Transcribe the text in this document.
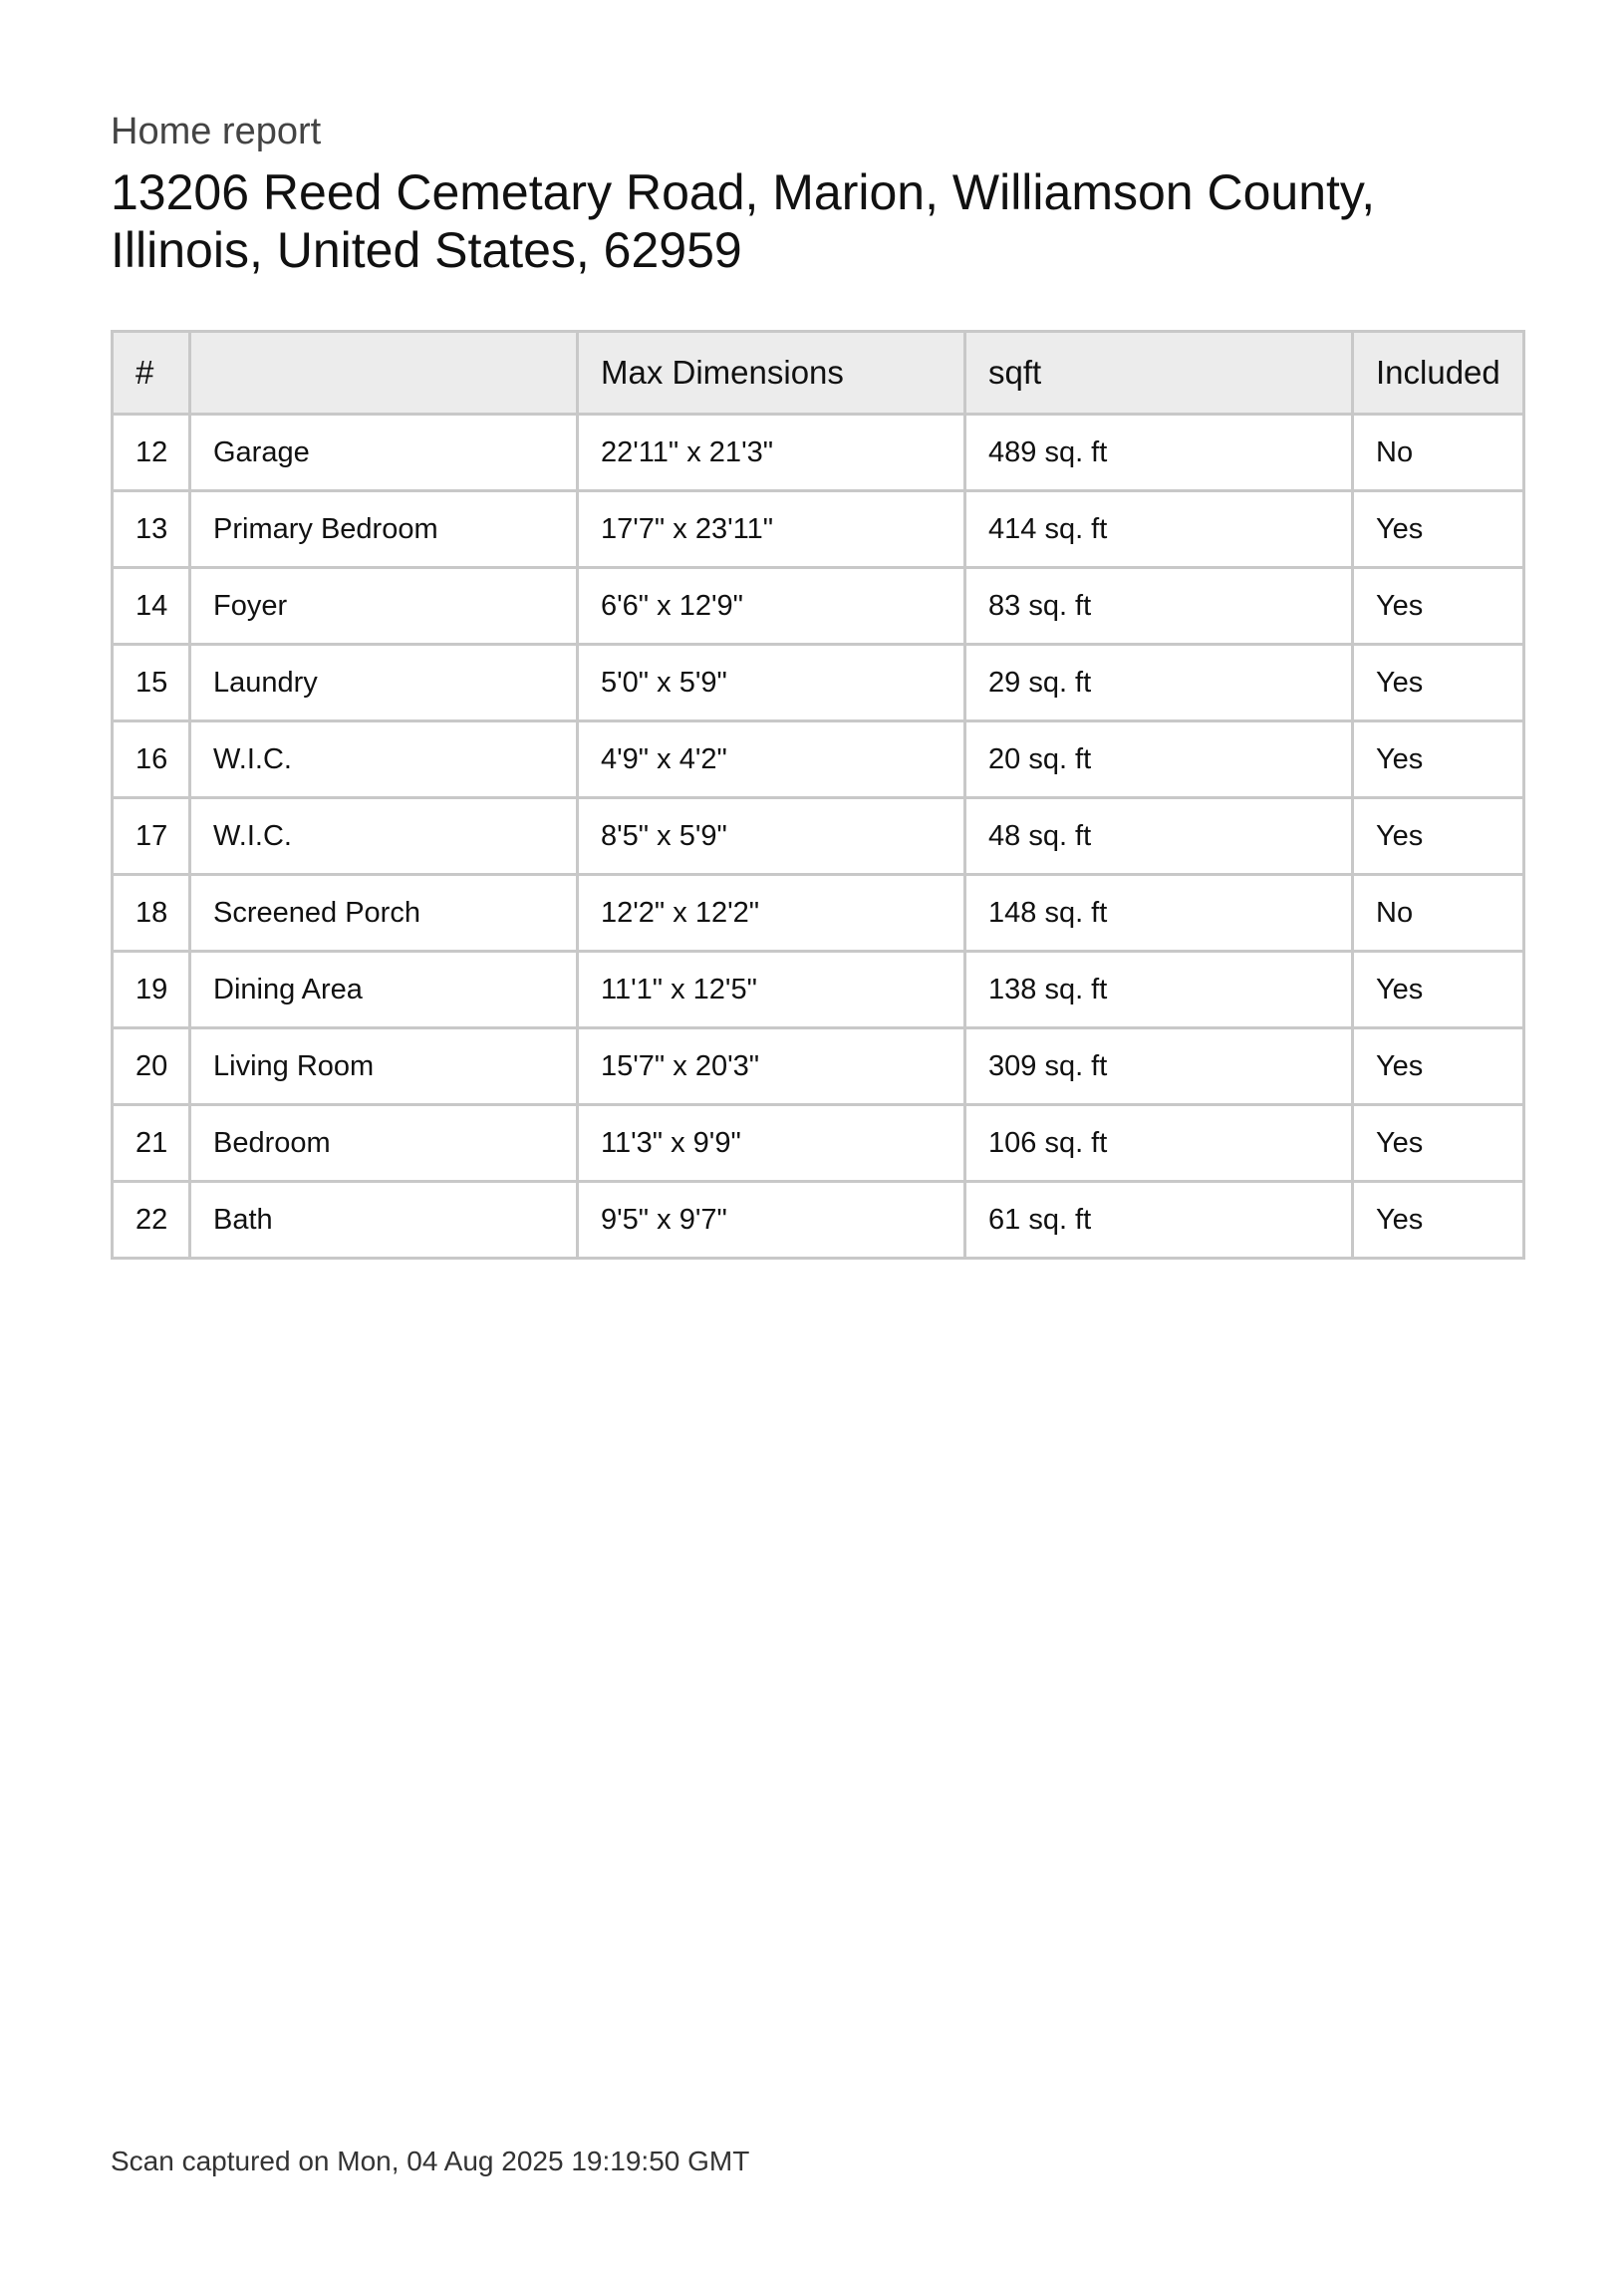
Home report
13206 Reed Cemetary Road, Marion, Williamson County, Illinois, United States, 62959
#		Max Dimensions	sqft	Included
12	Garage	22'11" x 21'3"	489 sq. ft	No
13	Primary Bedroom	17'7" x 23'11"	414 sq. ft	Yes
14	Foyer	6'6" x 12'9"	83 sq. ft	Yes
15	Laundry	5'0" x 5'9"	29 sq. ft	Yes
16	W.I.C.	4'9" x 4'2"	20 sq. ft	Yes
17	W.I.C.	8'5" x 5'9"	48 sq. ft	Yes
18	Screened Porch	12'2" x 12'2"	148 sq. ft	No
19	Dining Area	11'1" x 12'5"	138 sq. ft	Yes
20	Living Room	15'7" x 20'3"	309 sq. ft	Yes
21	Bedroom	11'3" x 9'9"	106 sq. ft	Yes
22	Bath	9'5" x 9'7"	61 sq. ft	Yes
Scan captured on Mon, 04 Aug 2025 19:19:50 GMT
